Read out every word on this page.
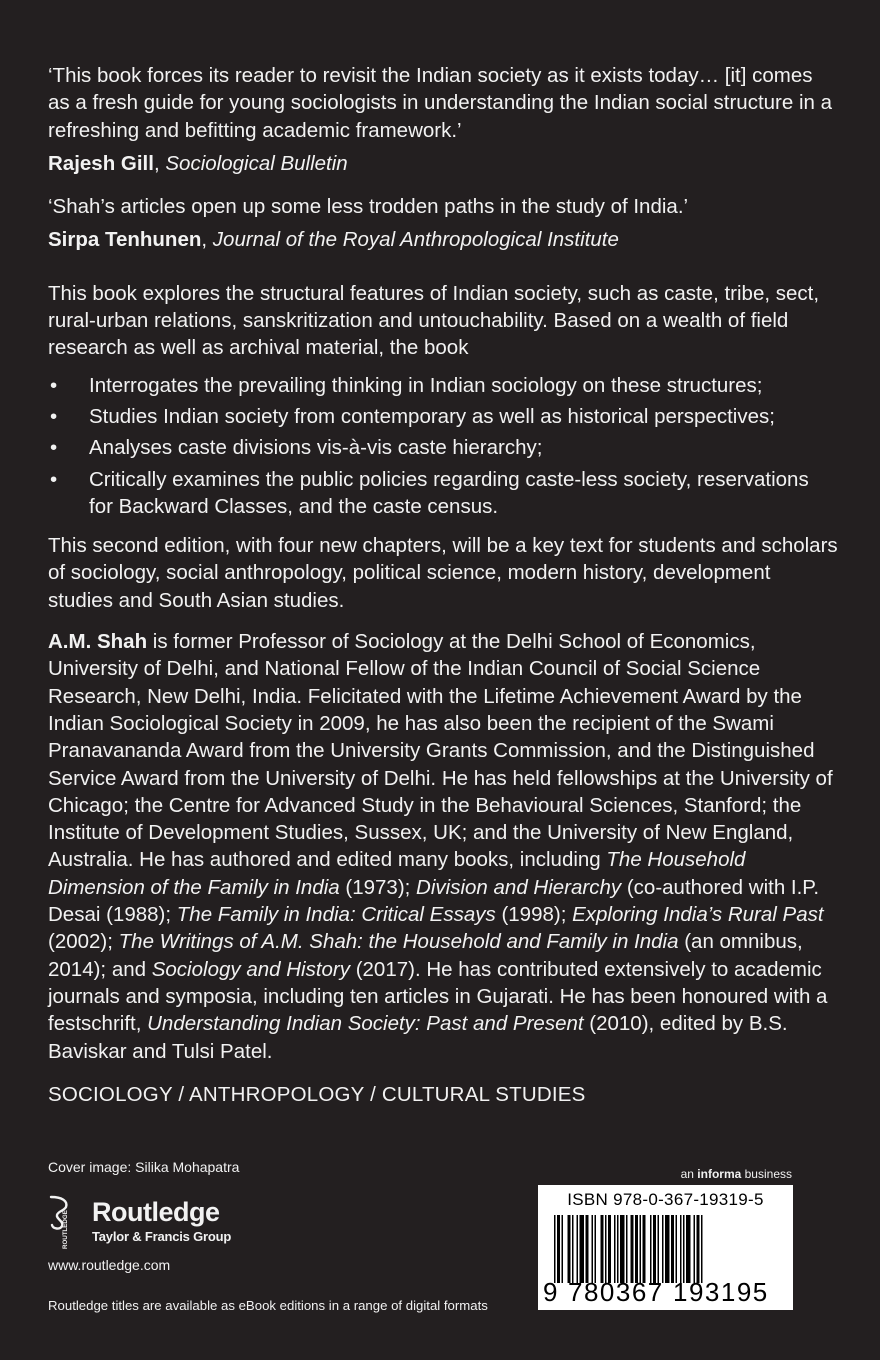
‘This book forces its reader to revisit the Indian society as it exists today… [it] comes as a fresh guide for young sociologists in understanding the Indian social structure in a refreshing and befitting academic framework.’

Rajesh Gill, Sociological Bulletin

‘Shah’s articles open up some less trodden paths in the study of India.’

Sirpa Tenhunen, Journal of the Royal Anthropological Institute

This book explores the structural features of Indian society, such as caste, tribe, sect, rural-urban relations, sanskritization and untouchability. Based on a wealth of field research as well as archival material, the book

• Interrogates the prevailing thinking in Indian sociology on these structures;
• Studies Indian society from contemporary as well as historical perspectives;
• Analyses caste divisions vis-à-vis caste hierarchy;
• Critically examines the public policies regarding caste-less society, reservations for Backward Classes, and the caste census.

This second edition, with four new chapters, will be a key text for students and scholars of sociology, social anthropology, political science, modern history, development studies and South Asian studies.

A.M. Shah is former Professor of Sociology at the Delhi School of Economics, University of Delhi, and National Fellow of the Indian Council of Social Science Research, New Delhi, India. Felicitated with the Lifetime Achievement Award by the Indian Sociological Society in 2009, he has also been the recipient of the Swami Pranavananda Award from the University Grants Commission, and the Distinguished Service Award from the University of Delhi. He has held fellowships at the University of Chicago; the Centre for Advanced Study in the Behavioural Sciences, Stanford; the Institute of Development Studies, Sussex, UK; and the University of New England, Australia. He has authored and edited many books, including The Household Dimension of the Family in India (1973); Division and Hierarchy (co-authored with I.P. Desai (1988); The Family in India: Critical Essays (1998); Exploring India’s Rural Past (2002); The Writings of A.M. Shah: the Household and Family in India (an omnibus, 2014); and Sociology and History (2017). He has contributed extensively to academic journals and symposia, including ten articles in Gujarati. He has been honoured with a festschrift, Understanding Indian Society: Past and Present (2010), edited by B.S. Baviskar and Tulsi Patel.

SOCIOLOGY / ANTHROPOLOGY / CULTURAL STUDIES

Cover image: Silika Mohapatra
ROUTLEDGE Routledge
Taylor & Francis Group
www.routledge.com
Routledge titles are available as eBook editions in a range of digital formats
an informa business
ISBN 978-0-367-19319-5
9 780367 193195
